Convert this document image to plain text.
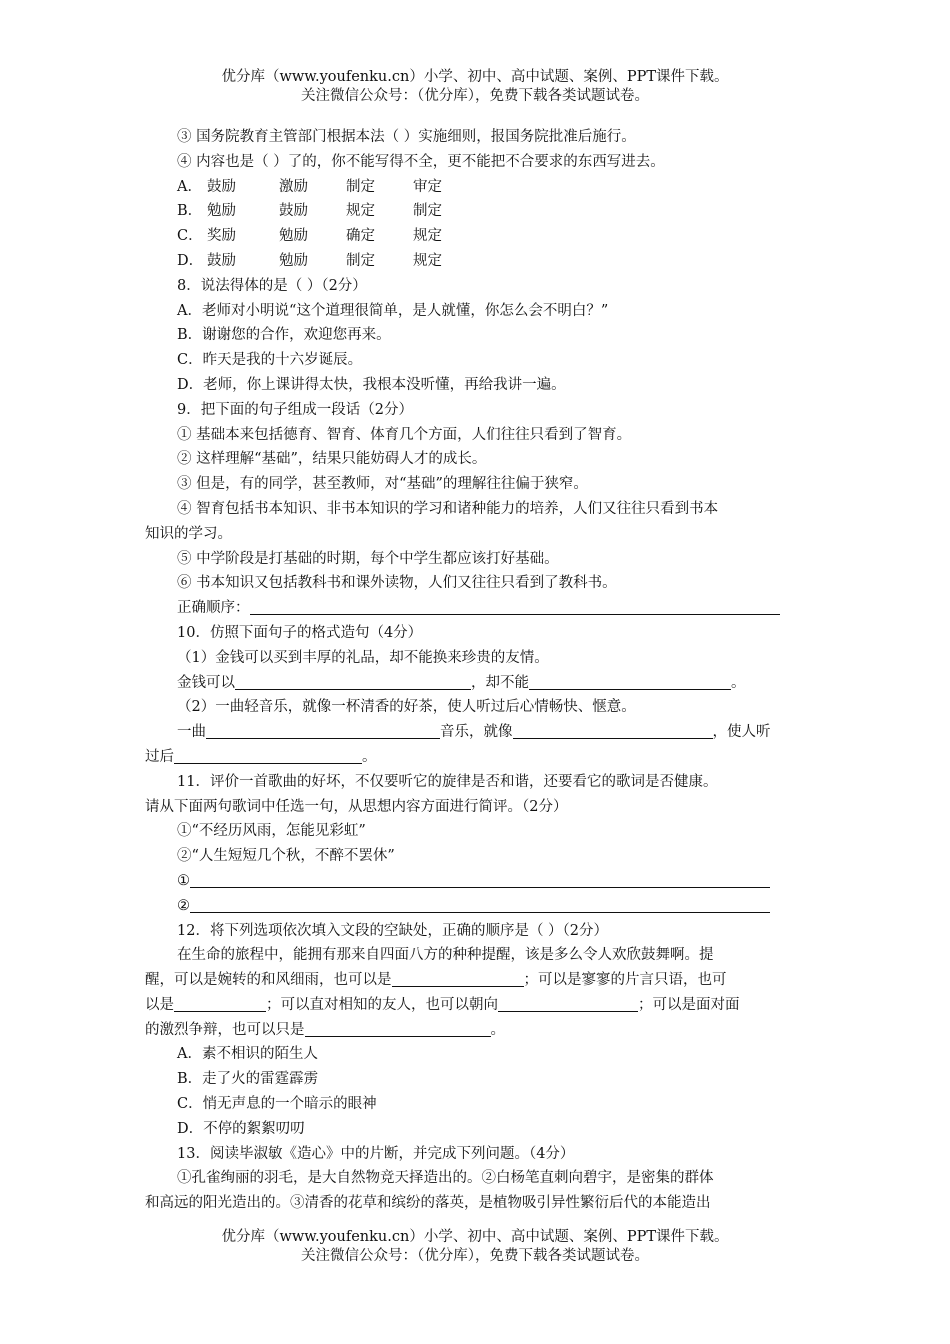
优分库（www.youfenku.cn）小学、初中、高中试题、案例、PPT课件下载。
关注微信公众号：（优分库），免费下载各类试题试卷。
③ 国务院教育主管部门根据本法（ ）实施细则，报国务院批准后施行。
④ 内容也是（ ）了的，你不能写得不全，更不能把不合要求的东西写进去。
A． 鼓励	激励	制定	审定
B． 勉励	鼓励	规定	制定
C． 奖励	勉励	确定	规定
D． 鼓励	勉励	制定	规定
8．说法得体的是（ ）（2分）
A．老师对小明说“这个道理很简单，是人就懂，你怎么会不明白？”
B．谢谢您的合作，欢迎您再来。
C．昨天是我的十六岁诞辰。
D．老师，你上课讲得太快，我根本没听懂，再给我讲一遍。
9．把下面的句子组成一段话（2分）
① 基础本来包括德育、智育、体育几个方面，人们往往只看到了智育。
② 这样理解“基础”，结果只能妨碍人才的成长。
③ 但是，有的同学，甚至教师，对“基础”的理解往往偏于狭窄。
④ 智育包括书本知识、非书本知识的学习和诸种能力的培养，人们又往往只看到书本
知识的学习。
⑤ 中学阶段是打基础的时期，每个中学生都应该打好基础。
⑥ 书本知识又包括教科书和课外读物，人们又往往只看到了教科书。
正确顺序：
10．仿照下面句子的格式造句（4分）
（1）金钱可以买到丰厚的礼品，却不能换来珍贵的友情。
金钱可以	，却不能	。
（2）一曲轻音乐，就像一杯清香的好茶，使人听过后心情畅快、惬意。
一曲	音乐，就像	，使人听
过后	。
11．评价一首歌曲的好坏，不仅要听它的旋律是否和谐，还要看它的歌词是否健康。
请从下面两句歌词中任选一句，从思想内容方面进行简评。（2分）
①“不经历风雨，怎能见彩虹”
②“人生短短几个秋，不醉不罢休”
①
②
12．将下列选项依次填入文段的空缺处，正确的顺序是（ ）（2分）
在生命的旅程中，能拥有那来自四面八方的种种提醒，该是多么令人欢欣鼓舞啊。提
醒，可以是婉转的和风细雨，也可以是	；可以是寥寥的片言只语，也可
以是	；可以直对相知的友人，也可以朝向	；可以是面对面
的激烈争辩，也可以只是	。
A．素不相识的陌生人
B．走了火的雷霆霹雳
C．悄无声息的一个暗示的眼神
D．不停的絮絮叨叨
13．阅读毕淑敏《造心》中的片断，并完成下列问题。（4分）
①孔雀绚丽的羽毛，是大自然物竞天择造出的。②白杨笔直刺向碧宇，是密集的群体
和高远的阳光造出的。③清香的花草和缤纷的落英，是植物吸引异性繁衍后代的本能造出
优分库（www.youfenku.cn）小学、初中、高中试题、案例、PPT课件下载。
关注微信公众号：（优分库），免费下载各类试题试卷。
